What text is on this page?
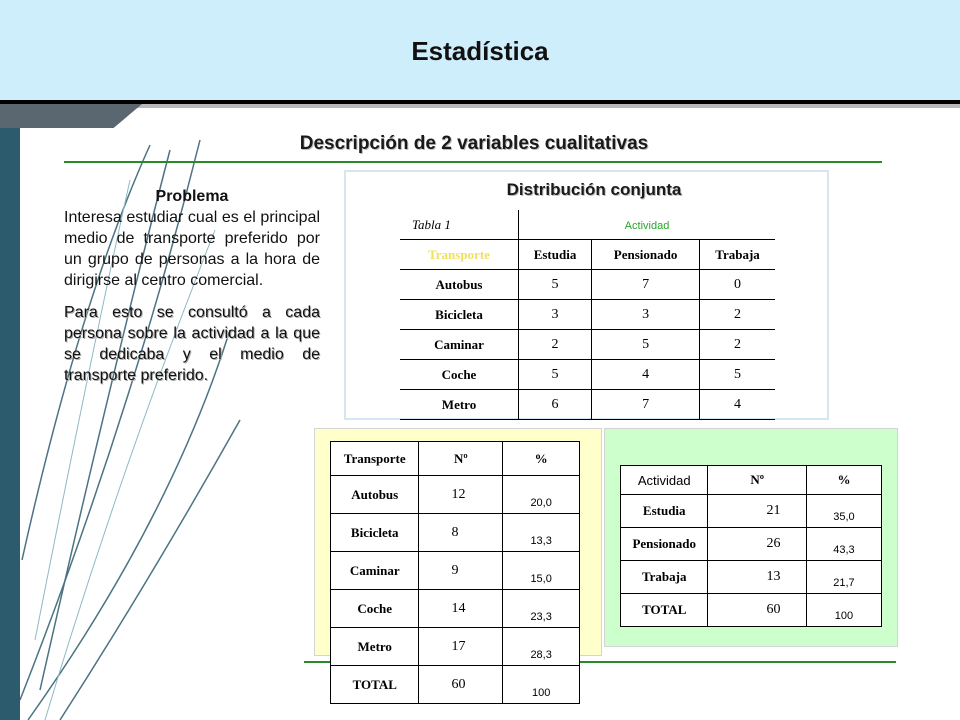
Estadística
Descripción de 2 variables cualitativas
Problema

Interesa estudiar cual es el principal medio de transporte preferido por un grupo de personas a la hora de dirigirse al centro comercial.

Para esto se consultó a cada persona sobre la actividad a la que se dedicaba y el medio de transporte preferido.

Distribución conjunta
Tabla 1	Actividad		
Transporte	Estudia	Pensionado	Trabaja
Autobus	5	7	0
Bicicleta	3	3	2
Caminar	2	5	2
Coche	5	4	5
Metro	6	7	4
Transporte	Nº	%
Autobus	12	20,0
Bicicleta	8	13,3
Caminar	9	15,0
Coche	14	23,3
Metro	17	28,3
TOTAL	60	100
Actividad	Nº	%
Estudia	21	35,0
Pensionado	26	43,3
Trabaja	13	21,7
TOTAL	60	100
